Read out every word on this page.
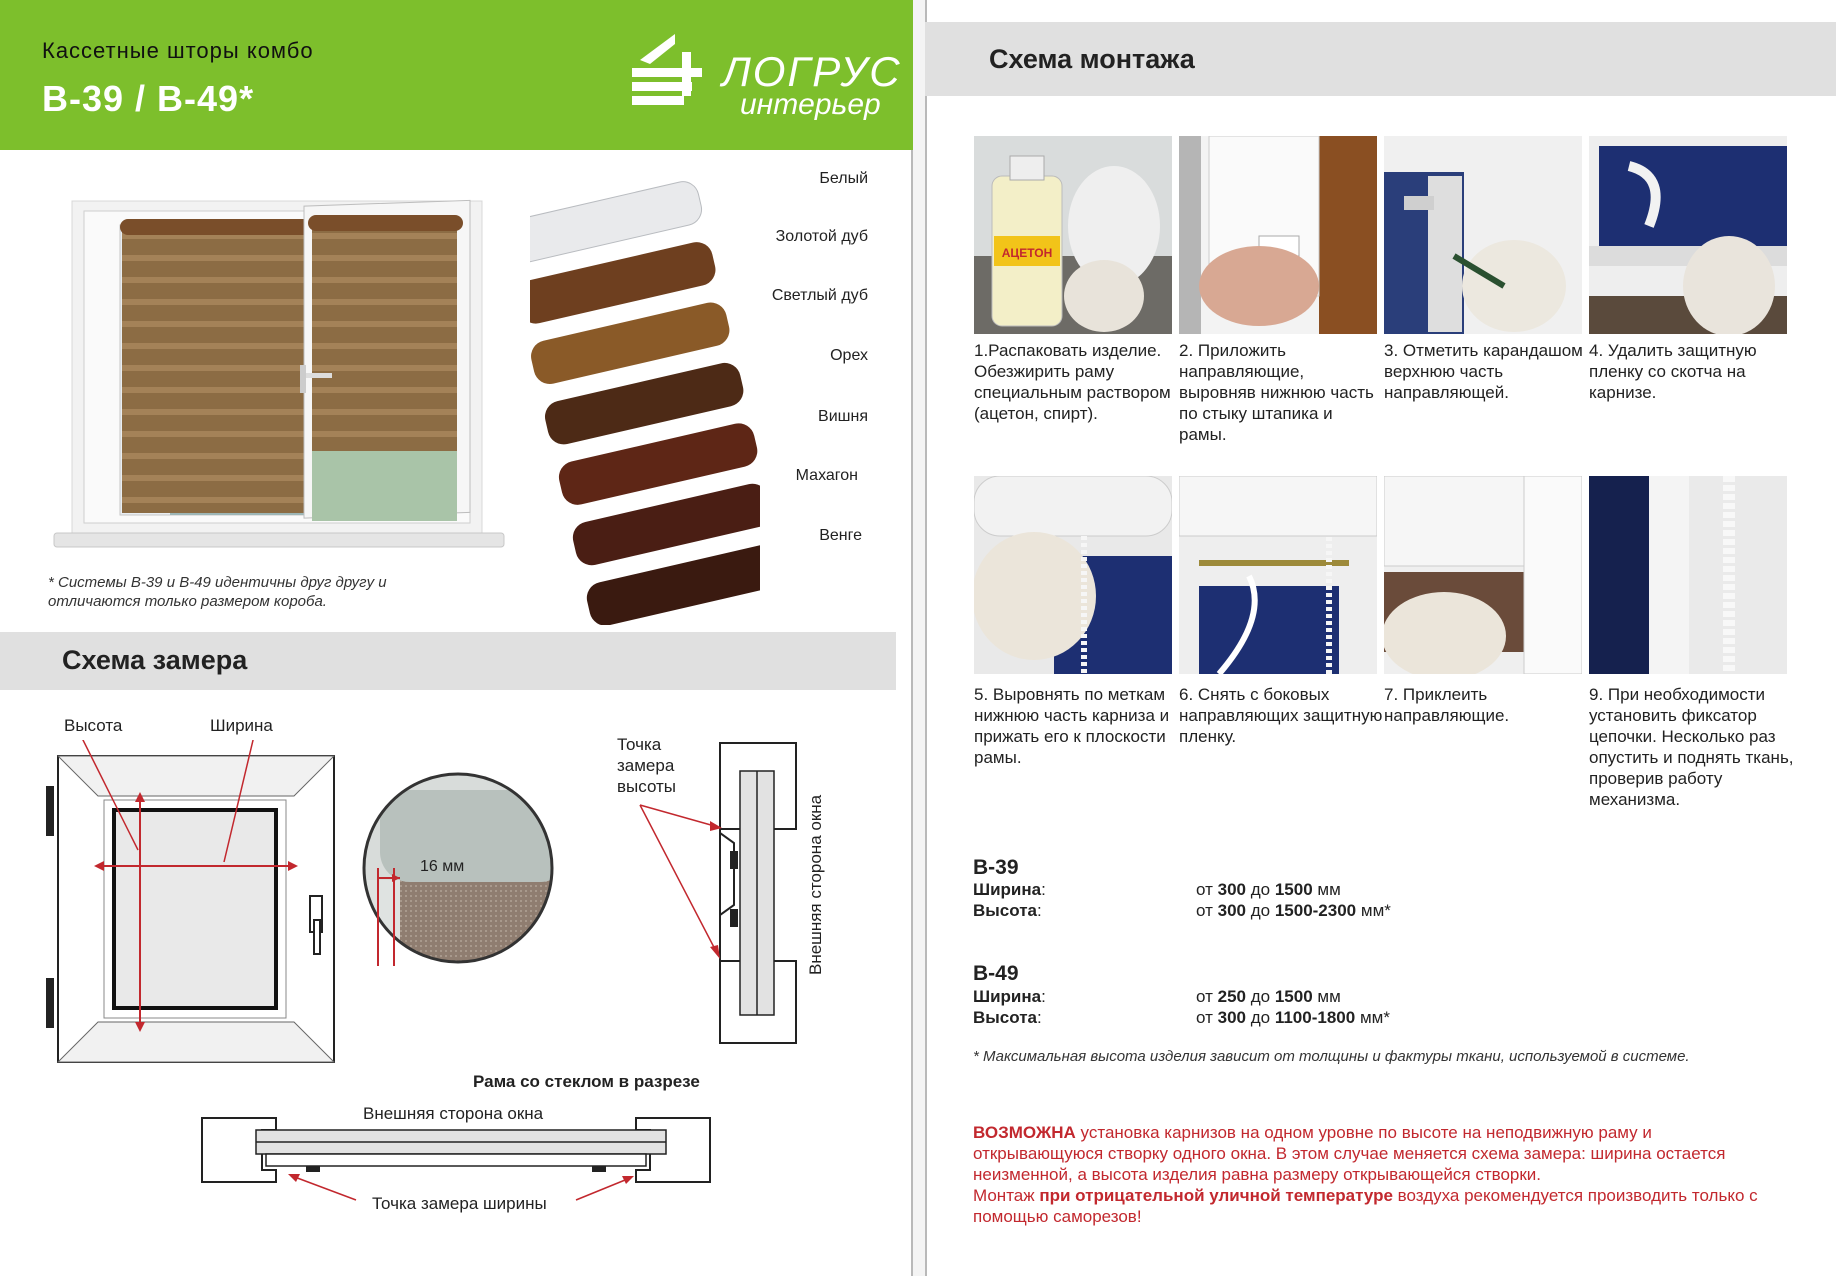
Кассетные шторы комбо
В-39 / В-49*
ЛОГРУС
интерьер
Белый
Золотой дуб
Светлый дуб
Орех
Вишня
Махагон
Венге
* Системы В-39 и В-49 идентичны друг другу и
отличаются только размером короба.
Схема замера
Высота	Ширина
16 мм
Точка
замера
высоты
Внешняя сторона окна
Рама со стеклом в разрезе
Внешняя сторона окна
Точка замера ширины
Схема монтажа
АЦЕТОН
1.Распаковать изделие. Обезжирить раму специальным раствором (ацетон, спирт).
2. Приложить направляющие, выровняв нижнюю часть по стыку штапика и рамы.
3. Отметить карандашом верхнюю часть направляющей.
4. Удалить защитную пленку со скотча на карнизе.
5. Выровнять по меткам нижнюю часть карниза и прижать его к плоскости рамы.
6. Снять с боковых направляющих защитную пленку.
7. Приклеить направляющие.
9. При необходимости установить фиксатор цепочки. Несколько раз опустить и поднять ткань, проверив работу механизма.
В-39
Ширина:
Высота:
от 300 до 1500 мм
от 300 до 1500-2300 мм*
В-49
Ширина:
Высота:
от 250 до 1500 мм
от 300 до 1100-1800 мм*
* Максимальная высота изделия зависит от толщины и фактуры ткани, используемой в системе.
ВОЗМОЖНА установка карнизов на одном уровне по высоте на неподвижную раму и открывающуюся створку одного окна. В этом случае меняется схема замера: ширина остается неизменной, а высота изделия равна размеру открывающейся створки.
Монтаж при отрицательной уличной температуре воздуха рекомендуется производить только с помощью саморезов!
